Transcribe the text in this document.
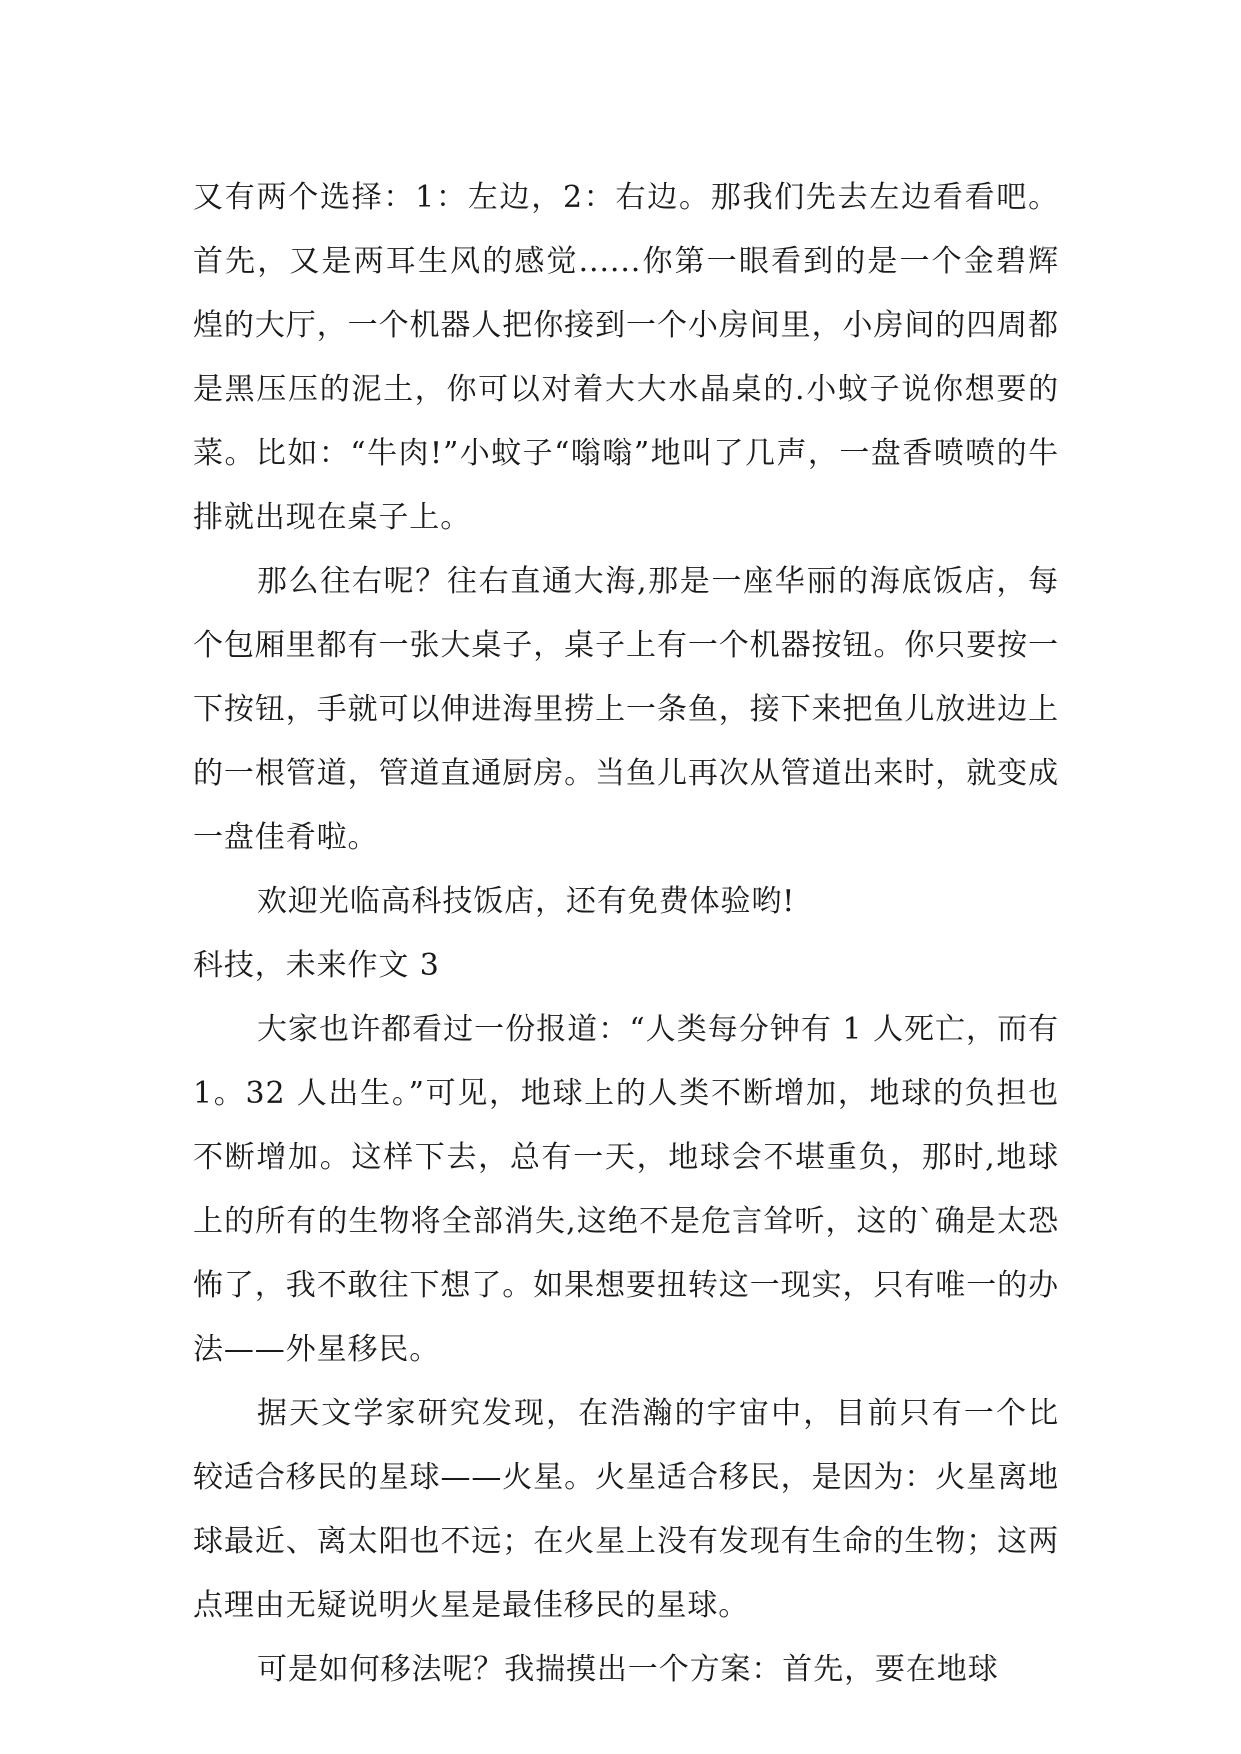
又有两个选择：1：左边，2：右边。那我们先去左边看看吧。首先，又是两耳生风的感觉......你第一眼看到的是一个金碧辉煌的大厅，一个机器人把你接到一个小房间里，小房间的四周都是黑压压的泥土，你可以对着大大水晶桌的.小蚊子说你想要的菜。比如：“牛肉!”小蚊子“嗡嗡”地叫了几声，一盘香喷喷的牛排就出现在桌子上。

那么往右呢？往右直通大海,那是一座华丽的海底饭店，每个包厢里都有一张大桌子，桌子上有一个机器按钮。你只要按一下按钮，手就可以伸进海里捞上一条鱼，接下来把鱼儿放进边上的一根管道，管道直通厨房。当鱼儿再次从管道出来时，就变成一盘佳肴啦。

欢迎光临高科技饭店，还有免费体验哟!

科技，未来作文 3

大家也许都看过一份报道：“人类每分钟有 1 人死亡，而有 1。32 人出生。”可见，地球上的人类不断增加，地球的负担也不断增加。这样下去，总有一天，地球会不堪重负，那时,地球上的所有的生物将全部消失,这绝不是危言耸听，这的`确是太恐怖了，我不敢往下想了。如果想要扭转这一现实，只有唯一的办法——外星移民。

据天文学家研究发现，在浩瀚的宇宙中，目前只有一个比较适合移民的星球——火星。火星适合移民，是因为：火星离地球最近、离太阳也不远；在火星上没有发现有生命的生物；这两点理由无疑说明火星是最佳移民的星球。

可是如何移法呢？我揣摸出一个方案：首先，要在地球
